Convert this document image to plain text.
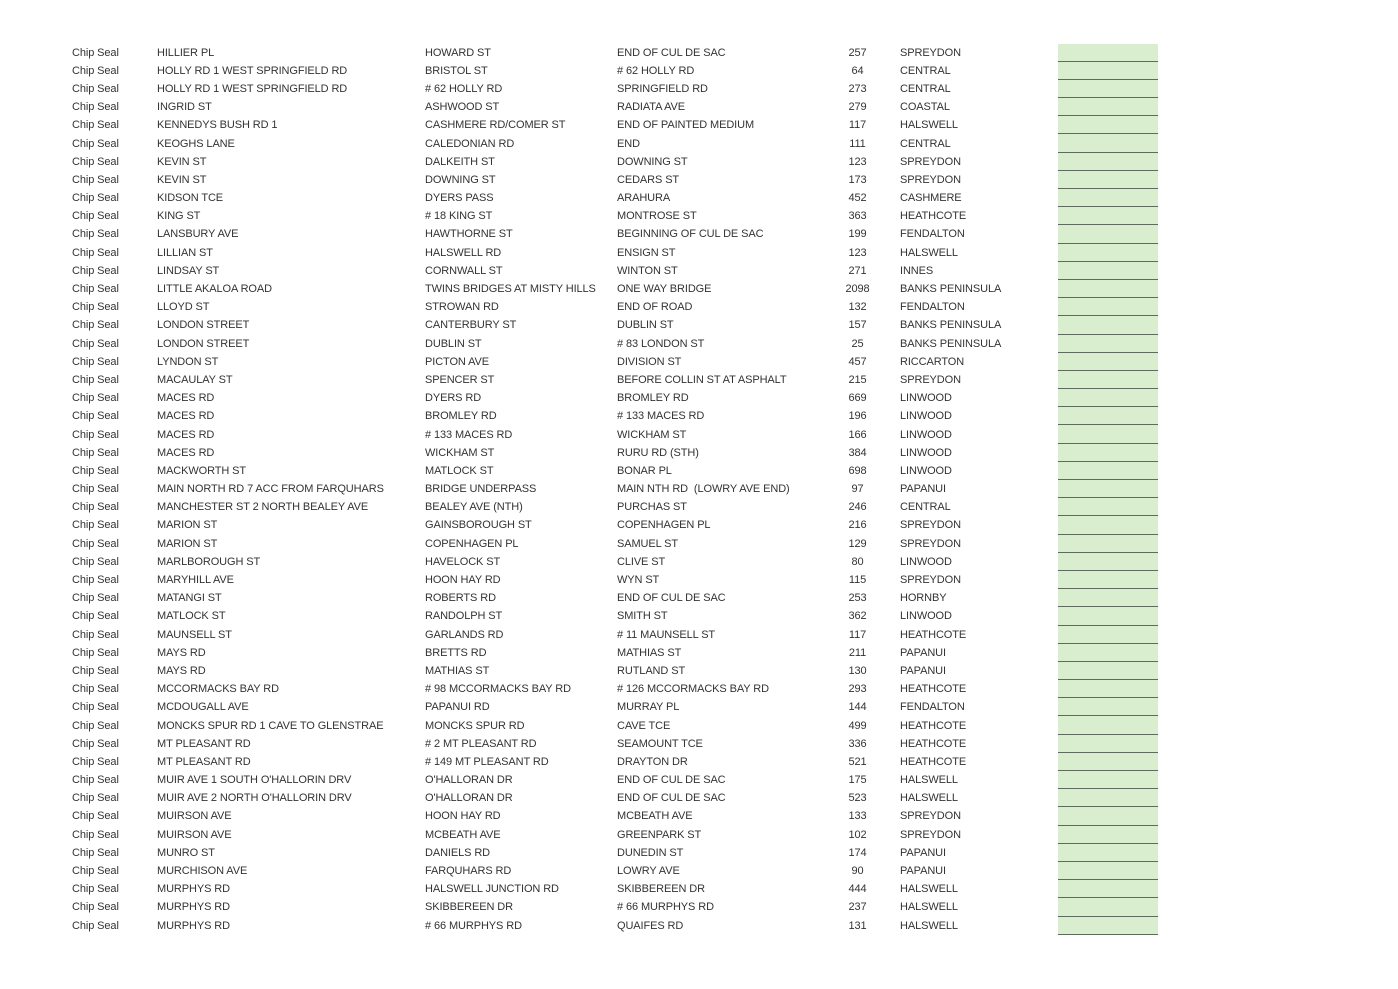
Chip Seal	HILLIER PL	HOWARD ST	END OF CUL DE SAC	257	SPREYDON
Chip Seal	HOLLY RD 1 WEST SPRINGFIELD RD	BRISTOL ST	# 62 HOLLY RD	64	CENTRAL
Chip Seal	HOLLY RD 1 WEST SPRINGFIELD RD	# 62 HOLLY RD	SPRINGFIELD RD	273	CENTRAL
Chip Seal	INGRID ST	ASHWOOD ST	RADIATA AVE	279	COASTAL
Chip Seal	KENNEDYS BUSH RD 1	CASHMERE RD/COMER ST	END OF PAINTED MEDIUM	117	HALSWELL
Chip Seal	KEOGHS LANE	CALEDONIAN RD	END	111	CENTRAL
Chip Seal	KEVIN ST	DALKEITH ST	DOWNING ST	123	SPREYDON
Chip Seal	KEVIN ST	DOWNING ST	CEDARS ST	173	SPREYDON
Chip Seal	KIDSON TCE	DYERS PASS	ARAHURA	452	CASHMERE
Chip Seal	KING ST	# 18 KING ST	MONTROSE ST	363	HEATHCOTE
Chip Seal	LANSBURY AVE	HAWTHORNE ST	BEGINNING OF CUL DE SAC	199	FENDALTON
Chip Seal	LILLIAN ST	HALSWELL RD	ENSIGN ST	123	HALSWELL
Chip Seal	LINDSAY ST	CORNWALL ST	WINTON ST	271	INNES
Chip Seal	LITTLE AKALOA ROAD	TWINS BRIDGES AT MISTY HILLS	ONE WAY BRIDGE	2098	BANKS PENINSULA
Chip Seal	LLOYD ST	STROWAN RD	END OF ROAD	132	FENDALTON
Chip Seal	LONDON STREET	CANTERBURY ST	DUBLIN ST	157	BANKS PENINSULA
Chip Seal	LONDON STREET	DUBLIN ST	# 83 LONDON ST	25	BANKS PENINSULA
Chip Seal	LYNDON ST	PICTON AVE	DIVISION ST	457	RICCARTON
Chip Seal	MACAULAY ST	SPENCER ST	BEFORE COLLIN ST AT ASPHALT	215	SPREYDON
Chip Seal	MACES RD	DYERS RD	BROMLEY RD	669	LINWOOD
Chip Seal	MACES RD	BROMLEY RD	# 133 MACES RD	196	LINWOOD
Chip Seal	MACES RD	# 133 MACES RD	WICKHAM ST	166	LINWOOD
Chip Seal	MACES RD	WICKHAM ST	RURU RD (STH)	384	LINWOOD
Chip Seal	MACKWORTH ST	MATLOCK ST	BONAR PL	698	LINWOOD
Chip Seal	MAIN NORTH RD 7 ACC FROM FARQUHARS	BRIDGE UNDERPASS	MAIN NTH RD  (LOWRY AVE END)	97	PAPANUI
Chip Seal	MANCHESTER ST 2 NORTH BEALEY AVE	BEALEY AVE (NTH)	PURCHAS ST	246	CENTRAL
Chip Seal	MARION ST	GAINSBOROUGH ST	COPENHAGEN PL	216	SPREYDON
Chip Seal	MARION ST	COPENHAGEN PL	SAMUEL ST	129	SPREYDON
Chip Seal	MARLBOROUGH ST	HAVELOCK ST	CLIVE ST	80	LINWOOD
Chip Seal	MARYHILL AVE	HOON HAY RD	WYN ST	115	SPREYDON
Chip Seal	MATANGI ST	ROBERTS RD	END OF CUL DE SAC	253	HORNBY
Chip Seal	MATLOCK ST	RANDOLPH ST	SMITH ST	362	LINWOOD
Chip Seal	MAUNSELL ST	GARLANDS RD	# 11 MAUNSELL ST	117	HEATHCOTE
Chip Seal	MAYS RD	BRETTS RD	MATHIAS ST	211	PAPANUI
Chip Seal	MAYS RD	MATHIAS ST	RUTLAND ST	130	PAPANUI
Chip Seal	MCCORMACKS BAY RD	# 98 MCCORMACKS BAY RD	# 126 MCCORMACKS BAY RD	293	HEATHCOTE
Chip Seal	MCDOUGALL AVE	PAPANUI RD	MURRAY PL	144	FENDALTON
Chip Seal	MONCKS SPUR RD 1 CAVE TO GLENSTRAE	MONCKS SPUR RD	CAVE TCE	499	HEATHCOTE
Chip Seal	MT PLEASANT RD	# 2 MT PLEASANT RD	SEAMOUNT TCE	336	HEATHCOTE
Chip Seal	MT PLEASANT RD	# 149 MT PLEASANT RD	DRAYTON DR	521	HEATHCOTE
Chip Seal	MUIR AVE 1 SOUTH O'HALLORIN DRV	O'HALLORAN DR	END OF CUL DE SAC	175	HALSWELL
Chip Seal	MUIR AVE 2 NORTH O'HALLORIN DRV	O'HALLORAN DR	END OF CUL DE SAC	523	HALSWELL
Chip Seal	MUIRSON AVE	HOON HAY RD	MCBEATH AVE	133	SPREYDON
Chip Seal	MUIRSON AVE	MCBEATH AVE	GREENPARK ST	102	SPREYDON
Chip Seal	MUNRO ST	DANIELS RD	DUNEDIN ST	174	PAPANUI
Chip Seal	MURCHISON AVE	FARQUHARS RD	LOWRY AVE	90	PAPANUI
Chip Seal	MURPHYS RD	HALSWELL JUNCTION RD	SKIBBEREEN DR	444	HALSWELL
Chip Seal	MURPHYS RD	SKIBBEREEN DR	# 66 MURPHYS RD	237	HALSWELL
Chip Seal	MURPHYS RD	# 66 MURPHYS RD	QUAIFES RD	131	HALSWELL
